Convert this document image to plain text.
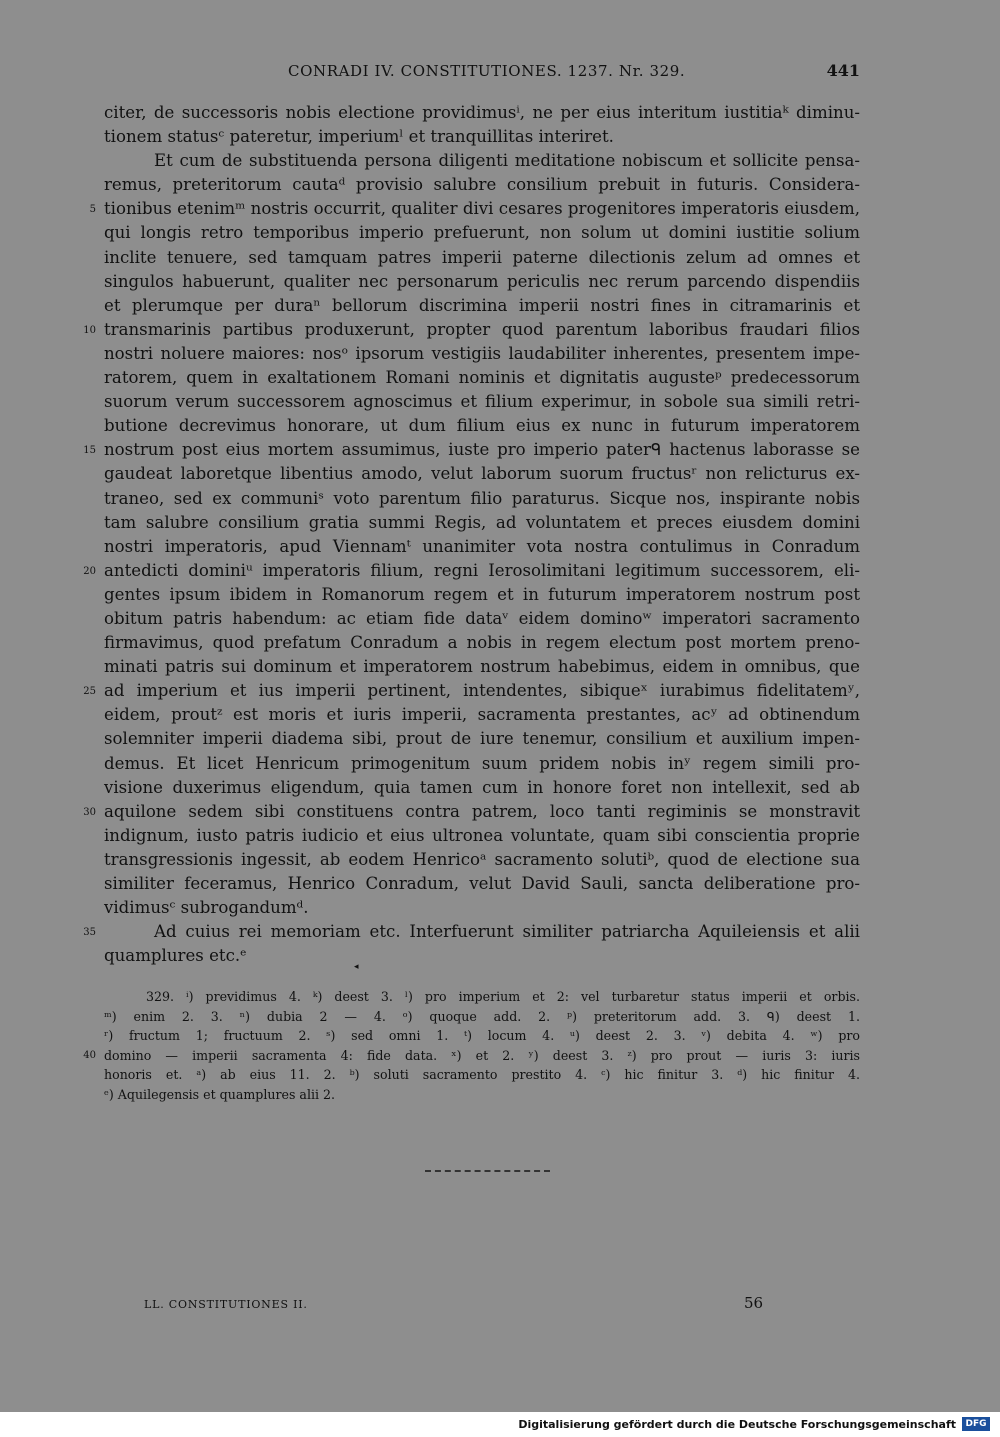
CONRADI IV. CONSTITUTIONES. 1237. Nr. 329.	441
citer, de successoris nobis electione providimusⁱ, ne per eius interitum iustitiaᵏ diminu-
tionem statusᶜ pateretur, imperiumˡ et tranquillitas interiret.
Et cum de substituenda persona diligenti meditatione nobiscum et sollicite pensa-
remus, preteritorum cautaᵈ provisio salubre consilium prebuit in futuris. Considera-
5 tionibus etenimᵐ nostris occurrit, qualiter divi cesares progenitores imperatoris eiusdem,
qui longis retro temporibus imperio prefuerunt, non solum ut domini iustitie solium
inclite tenuere, sed tamquam patres imperii paterne dilectionis zelum ad omnes et
singulos habuerunt, qualiter nec personarum periculis nec rerum parcendo dispendiis
et plerumque per duraⁿ bellorum discrimina imperii nostri fines in citramarinis et
10 transmarinis partibus produxerunt, propter quod parentum laboribus fraudari filios
nostri noluere maiores: nosᵒ ipsorum vestigiis laudabiliter inherentes, presentem impe-
ratorem, quem in exaltationem Romani nominis et dignitatis augusteᵖ predecessorum
suorum verum successorem agnoscimus et filium experimur, in sobole sua simili retri-
butione decrevimus honorare, ut dum filium eius ex nunc in futurum imperatorem
15 nostrum post eius mortem assumimus, iuste pro imperio paterᑫ hactenus laborasse se
gaudeat laboretque libentius amodo, velut laborum suorum fructusʳ non relicturus ex-
traneo, sed ex communiˢ voto parentum filio paraturus. Sicque nos, inspirante nobis
tam salubre consilium gratia summi Regis, ad voluntatem et preces eiusdem domini
nostri imperatoris, apud Viennamᵗ unanimiter vota nostra contulimus in Conradum
20 antedicti dominiᵘ imperatoris filium, regni Ierosolimitani legitimum successorem, eli-
gentes ipsum ibidem in Romanorum regem et in futurum imperatorem nostrum post
obitum patris habendum: ac etiam fide dataᵛ eidem dominoʷ imperatori sacramento
firmavimus, quod prefatum Conradum a nobis in regem electum post mortem preno-
minati patris sui dominum et imperatorem nostrum habebimus, eidem in omnibus, que
25 ad imperium et ius imperii pertinent, intendentes, sibiqueˣ iurabimus fidelitatemʸ,
eidem, proutᶻ est moris et iuris imperii, sacramenta prestantes, acʸ ad obtinendum
solemniter imperii diadema sibi, prout de iure tenemur, consilium et auxilium impen-
demus. Et licet Henricum primogenitum suum pridem nobis inʸ regem simili pro-
visione duxerimus eligendum, quia tamen cum in honore foret non intellexit, sed ab
30 aquilone sedem sibi constituens contra patrem, loco tanti regiminis se monstravit
indignum, iusto patris iudicio et eius ultronea voluntate, quam sibi conscientia proprie
transgressionis ingessit, ab eodem Henricoᵃ sacramento solutiᵇ, quod de electione sua
similiter feceramus, Henrico Conradum, velut David Sauli, sancta deliberatione pro-
vidimusᶜ subrogandumᵈ.
35	Ad cuius rei memoriam etc. Interfuerunt similiter patriarcha Aquileiensis et alii
quamplures etc.ᵉ
◂
329. ⁱ) previdimus 4. ᵏ) deest 3. ˡ) pro imperium et 2: vel turbaretur status imperii et orbis.
ᵐ) enim 2. 3. ⁿ) dubia 2 — 4. ᵒ) quoque add. 2. ᵖ) preteritorum add. 3. ᑫ) deest 1.
ʳ) fructum 1; fructuum 2. ˢ) sed omni 1. ᵗ) locum 4. ᵘ) deest 2. 3. ᵛ) debita 4. ʷ) pro
40 domino — imperii sacramenta 4: fide data. ˣ) et 2. ʸ) deest 3. ᶻ) pro prout — iuris 3: iuris
honoris et. ᵃ) ab eius 11. 2. ᵇ) soluti sacramento prestito 4. ᶜ) hic finitur 3. ᵈ) hic finitur 4.
ᵉ) Aquilegensis et quamplures alii 2.
LL. CONSTITUTIONES II.	56
Digitalisierung gefördert durch die Deutsche Forschungsgemeinschaft	DFG
